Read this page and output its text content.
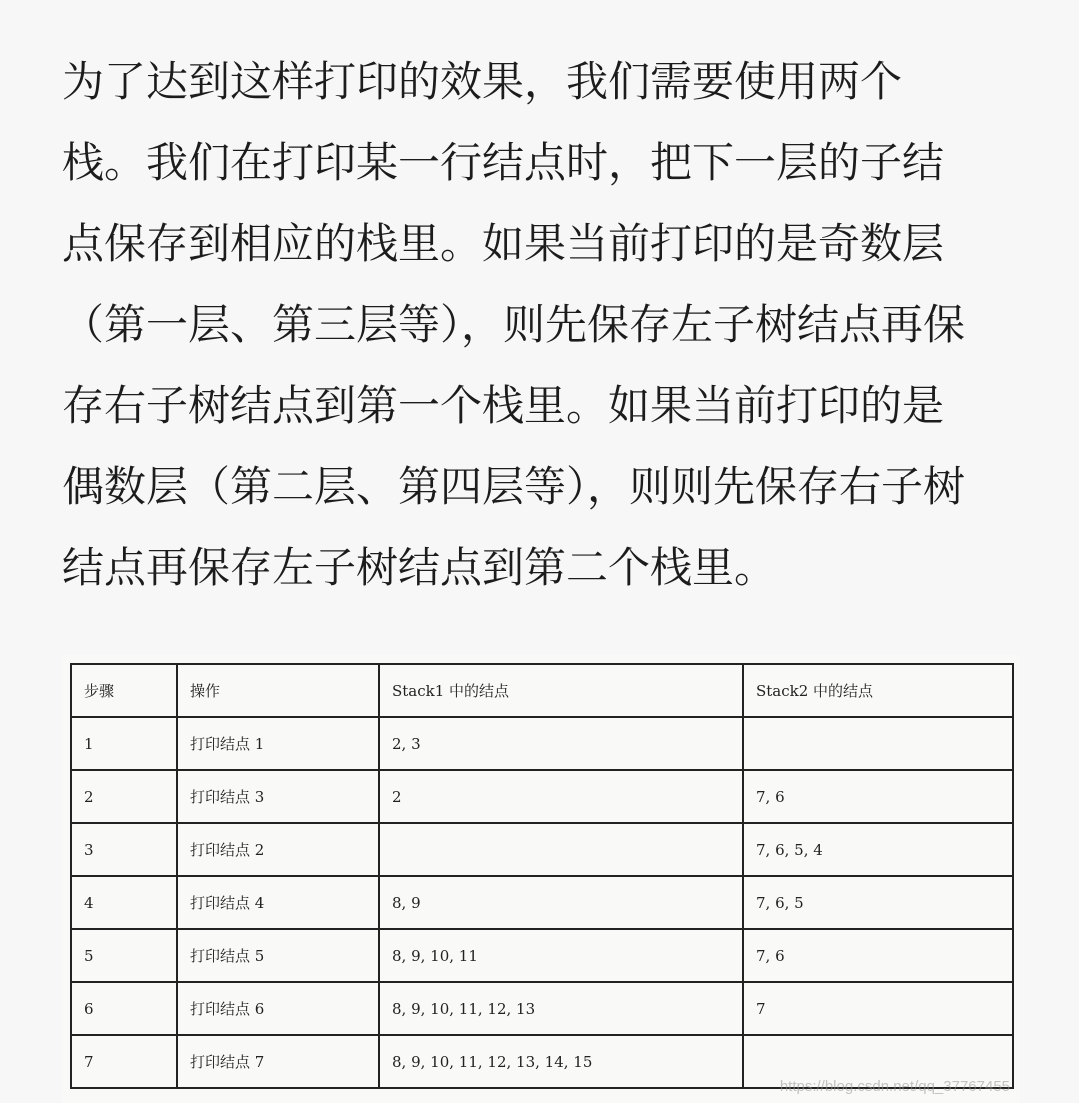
为了达到这样打印的效果，我们需要使用两个
栈。我们在打印某一行结点时，把下一层的子结
点保存到相应的栈里。如果当前打印的是奇数层
（第一层、第三层等），则先保存左子树结点再保
存右子树结点到第一个栈里。如果当前打印的是
偶数层（第二层、第四层等），则则先保存右子树
结点再保存左子树结点到第二个栈里。
步骤	操作	Stack1 中的结点	Stack2 中的结点
1	打印结点 1	2, 3	
2	打印结点 3	2	7, 6
3	打印结点 2		7, 6, 5, 4
4	打印结点 4	8, 9	7, 6, 5
5	打印结点 5	8, 9, 10, 11	7, 6
6	打印结点 6	8, 9, 10, 11, 12, 13	7
7	打印结点 7	8, 9, 10, 11, 12, 13, 14, 15	
https://blog.csdn.net/qq_37767455
